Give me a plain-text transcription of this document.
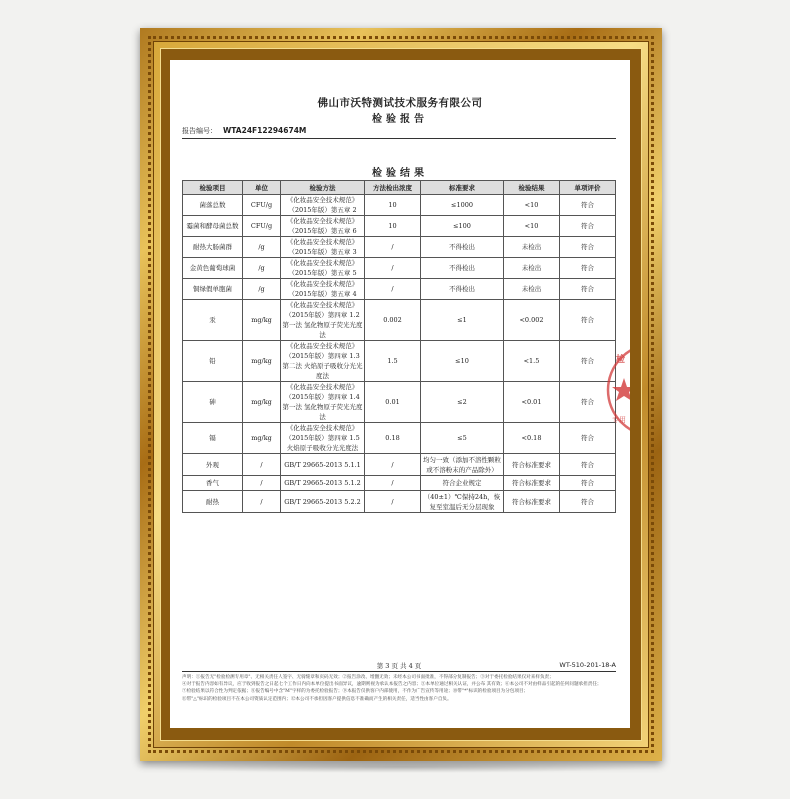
佛山市沃特测试技术服务有限公司
检验报告
报告编号： WTA24F12294674M
检验结果
检验项目	单位	检验方法	方法检出浓度	标准要求	检验结果	单项评价
菌落总数	CFU/g	《化妆品安全技术规范》（2015年版）第五章 2	10	≤1000	<10	符合
霉菌和酵母菌总数	CFU/g	《化妆品安全技术规范》（2015年版）第五章 6	10	≤100	<10	符合
耐热大肠菌群	/g	《化妆品安全技术规范》（2015年版）第五章 3	/	不得检出	未检出	符合
金黄色葡萄球菌	/g	《化妆品安全技术规范》（2015年版）第五章 5	/	不得检出	未检出	符合
铜绿假单胞菌	/g	《化妆品安全技术规范》（2015年版）第五章 4	/	不得检出	未检出	符合
汞	mg/kg	《化妆品安全技术规范》（2015年版）第四章 1.2 第一法 氢化物原子荧光光度法	0.002	≤1	<0.002	符合
铅	mg/kg	《化妆品安全技术规范》（2015年版）第四章 1.3 第二法 火焰原子吸收分光光度法	1.5	≤10	<1.5	符合
砷	mg/kg	《化妆品安全技术规范》（2015年版）第四章 1.4 第一法 氢化物原子荧光光度法	0.01	≤2	<0.01	符合
镉	mg/kg	《化妆品安全技术规范》（2015年版）第四章 1.5 火焰原子吸收分光光度法	0.18	≤5	<0.18	符合
外观	/	GB/T 29665-2013 5.1.1	/	均匀一致（添加不溶性颗粒或不溶粉末的产品除外）	符合标准要求	符合
香气	/	GB/T 29665-2013 5.1.2	/	符合企业规定	符合标准要求	符合
耐热	/	GB/T 29665-2013 5.2.2	/	（40±1）℃保持24h，恢复至室温后无分层现象	符合标准要求	符合
第 3 页 共 4 页	WT-510-201-18-A
声明：①报告无"检验检测专用章"、无相关责任人签字、无骑缝章和页码无效；②报告涂改、增删无效；未经本公司书面批准，不得部分复制报告；③对于委托检验结果仅对来样负责；
④对于报告内容如有异议，应于收到报告之日起七个工作日内向本单位提出书面异议，逾期则视为承认本报告之内容；⑤本单位通过相关认证，并公布 其有效；⑥本公司不对由样品引起的任何问题承担责任；
⑦检验结果以符合性为判定依据；⑧报告编号中含"M"字样的为委托检验报告；⑨本报告仅供客户内部使用，不作为广告宣传等用途；⑩带"*"标识的检验项目为分包项目；
⑪带"△"标识的检验项目不在本公司资质认定范围内；⑫本公司不承担因客户提供信息不准确而产生的相关责任，适当性由客户自负。
检
专用
